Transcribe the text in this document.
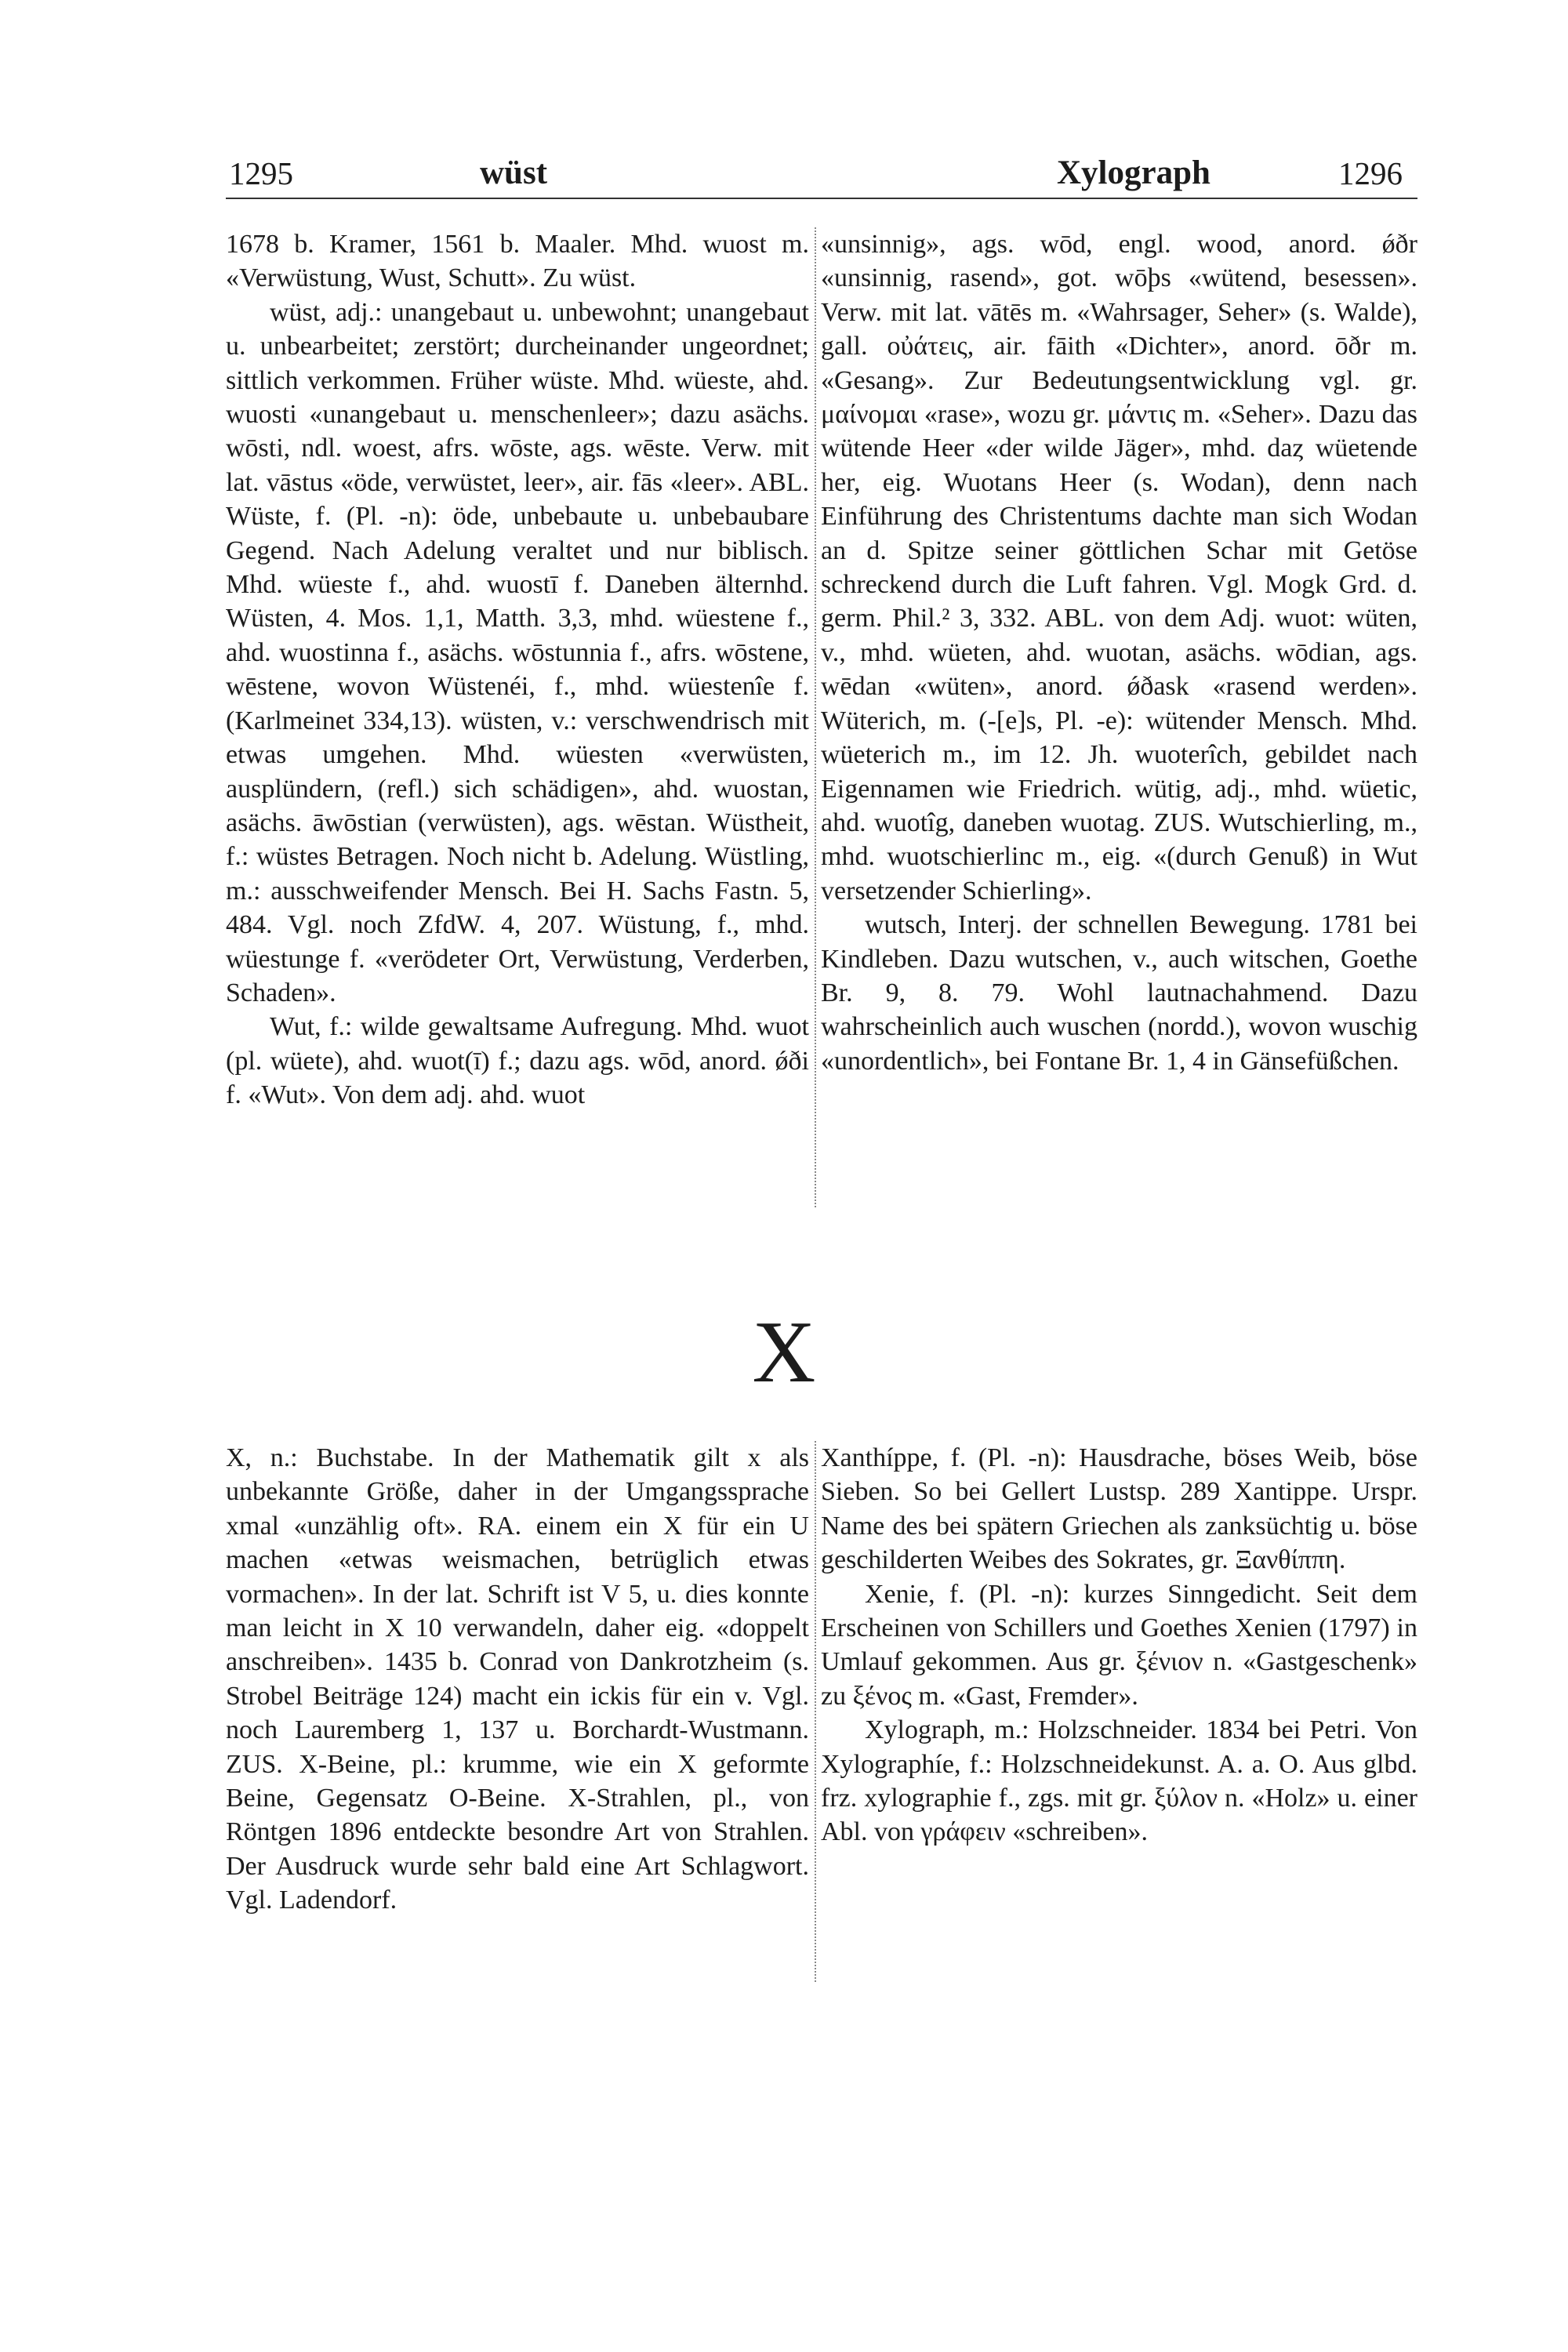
1295	wüst	Xylograph	1296

1678 b. Kramer, 1561 b. Maaler. Mhd. wuost m. «Verwüstung, Wust, Schutt». Zu wüst.

wüst, adj.: unangebaut u. unbewohnt; unangebaut u. unbearbeitet; zerstört; durcheinander ungeordnet; sittlich verkommen. Früher wüste. Mhd. wüeste, ahd. wuosti «unangebaut u. menschenleer»; dazu asächs. wōsti, ndl. woest, afrs. wōste, ags. wēste. Verw. mit lat. vāstus «öde, verwüstet, leer», air. fās «leer». ABL. Wüste, f. (Pl. -n): öde, unbebaute u. unbebaubare Gegend. Nach Adelung veraltet und nur biblisch. Mhd. wüeste f., ahd. wuostī f. Daneben älternhd. Wüsten, 4. Mos. 1,1, Matth. 3,3, mhd. wüestene f., ahd. wuostinna f., asächs. wōstunnia f., afrs. wōstene, wēstene, wovon Wüstenéi, f., mhd. wüestenîe f. (Karlmeinet 334,13). wüsten, v.: verschwendrisch mit etwas umgehen. Mhd. wüesten «verwüsten, ausplündern, (refl.) sich schädigen», ahd. wuostan, asächs. āwōstian (verwüsten), ags. wēstan. Wüstheit, f.: wüstes Betragen. Noch nicht b. Adelung. Wüstling, m.: ausschweifender Mensch. Bei H. Sachs Fastn. 5, 484. Vgl. noch ZfdW. 4, 207. Wüstung, f., mhd. wüestunge f. «verödeter Ort, Verwüstung, Verderben, Schaden».

Wut, f.: wilde gewaltsame Aufregung. Mhd. wuot (pl. wüete), ahd. wuot(ī) f.; dazu ags. wōd, anord. ǿði f. «Wut». Von dem adj. ahd. wuot

«unsinnig», ags. wōd, engl. wood, anord. ǿðr «unsinnig, rasend», got. wōþs «wütend, besessen». Verw. mit lat. vātēs m. «Wahrsager, Seher» (s. Walde), gall. οὐάτεις, air. fāith «Dichter», anord. ōðr m. «Gesang». Zur Bedeutungsentwicklung vgl. gr. μαίνομαι «rase», wozu gr. μάντις m. «Seher». Dazu das wütende Heer «der wilde Jäger», mhd. daȥ wüetende her, eig. Wuotans Heer (s. Wodan), denn nach Einführung des Christentums dachte man sich Wodan an d. Spitze seiner göttlichen Schar mit Getöse schreckend durch die Luft fahren. Vgl. Mogk Grd. d. germ. Phil.² 3, 332. ABL. von dem Adj. wuot: wüten, v., mhd. wüeten, ahd. wuotan, asächs. wōdian, ags. wēdan «wüten», anord. ǿðask «rasend werden». Wüterich, m. (-[e]s, Pl. -e): wütender Mensch. Mhd. wüeterich m., im 12. Jh. wuoterîch, gebildet nach Eigennamen wie Friedrich. wütig, adj., mhd. wüetic, ahd. wuotîg, daneben wuotag. ZUS. Wutschierling, m., mhd. wuotschierlinc m., eig. «(durch Genuß) in Wut versetzender Schierling».

wutsch, Interj. der schnellen Bewegung. 1781 bei Kindleben. Dazu wutschen, v., auch witschen, Goethe Br. 9, 8. 79. Wohl lautnachahmend. Dazu wahrscheinlich auch wuschen (nordd.), wovon wuschig «unordentlich», bei Fontane Br. 1, 4 in Gänsefüßchen.

X

X, n.: Buchstabe. In der Mathematik gilt x als unbekannte Größe, daher in der Umgangssprache xmal «unzählig oft». RA. einem ein X für ein U machen «etwas weismachen, betrüglich etwas vormachen». In der lat. Schrift ist V 5, u. dies konnte man leicht in X 10 verwandeln, daher eig. «doppelt anschreiben». 1435 b. Conrad von Dankrotzheim (s. Strobel Beiträge 124) macht ein ickis für ein v. Vgl. noch Lauremberg 1, 137 u. Borchardt-Wustmann. ZUS. X-Beine, pl.: krumme, wie ein X geformte Beine, Gegensatz O-Beine. X-Strahlen, pl., von Röntgen 1896 entdeckte besondre Art von Strahlen. Der Ausdruck wurde sehr bald eine Art Schlagwort. Vgl. Ladendorf.

Xanthíppe, f. (Pl. -n): Hausdrache, böses Weib, böse Sieben. So bei Gellert Lustsp. 289 Xantippe. Urspr. Name des bei spätern Griechen als zanksüchtig u. böse geschilderten Weibes des Sokrates, gr. Ξανθίππη.

Xenie, f. (Pl. -n): kurzes Sinngedicht. Seit dem Erscheinen von Schillers und Goethes Xenien (1797) in Umlauf gekommen. Aus gr. ξένιον n. «Gastgeschenk» zu ξένος m. «Gast, Fremder».

Xylograph, m.: Holzschneider. 1834 bei Petri. Von Xylographíe, f.: Holzschneidekunst. A. a. O. Aus glbd. frz. xylographie f., zgs. mit gr. ξύλον n. «Holz» u. einer Abl. von γράφειν «schreiben».
